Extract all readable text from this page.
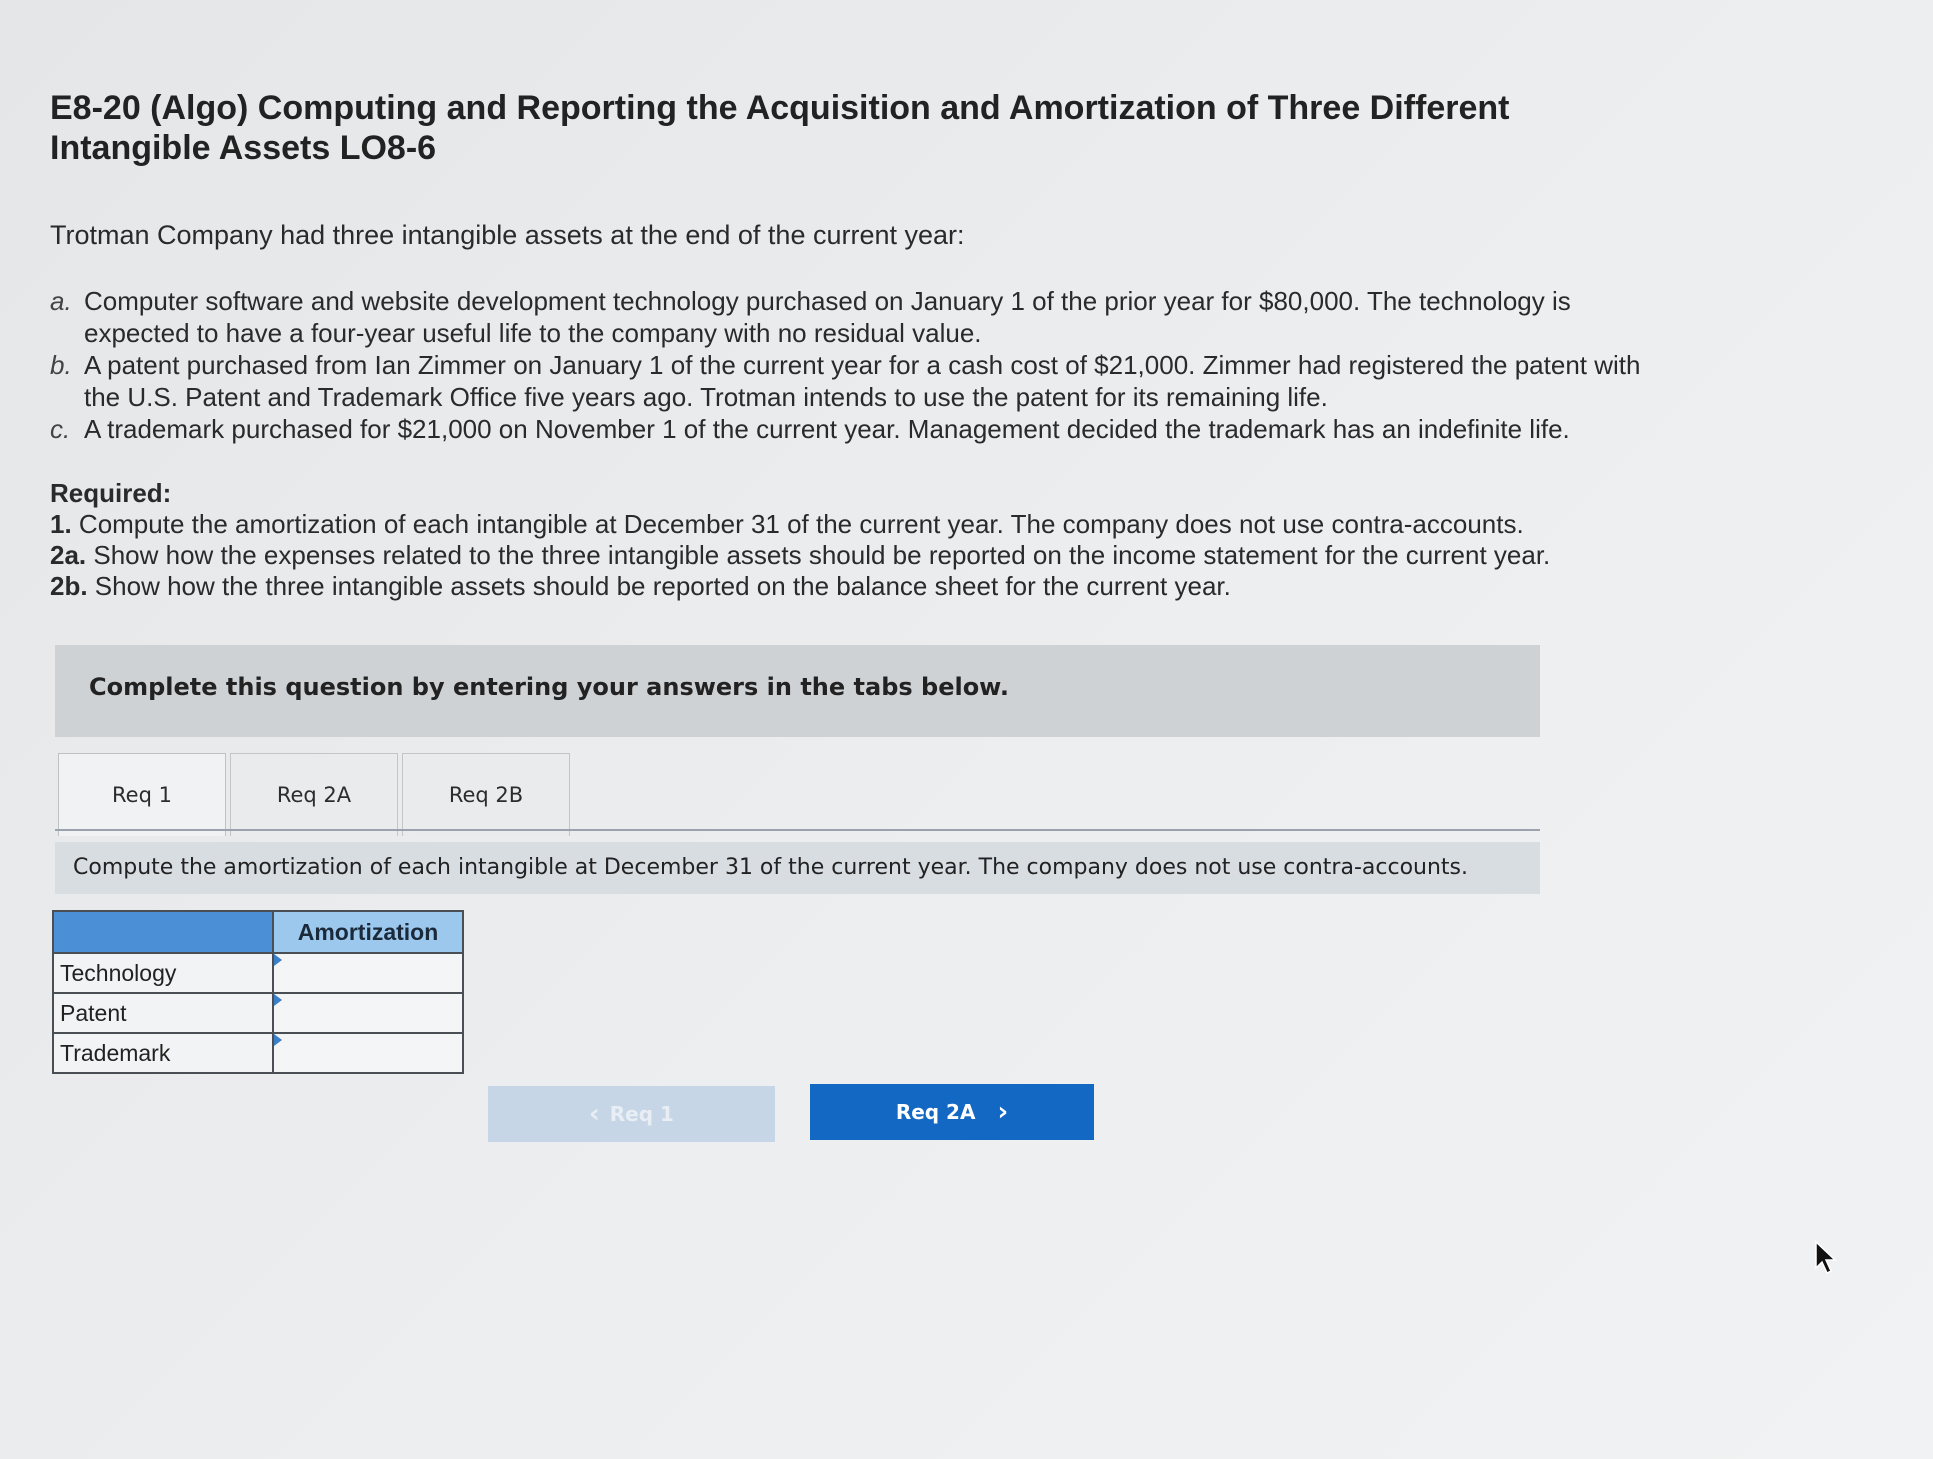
E8-20 (Algo) Computing and Reporting the Acquisition and Amortization of Three Different Intangible Assets LO8-6
Trotman Company had three intangible assets at the end of the current year:
a. Computer software and website development technology purchased on January 1 of the prior year for $80,000. The technology is expected to have a four-year useful life to the company with no residual value.
b. A patent purchased from Ian Zimmer on January 1 of the current year for a cash cost of $21,000. Zimmer had registered the patent with the U.S. Patent and Trademark Office five years ago. Trotman intends to use the patent for its remaining life.
c. A trademark purchased for $21,000 on November 1 of the current year. Management decided the trademark has an indefinite life.
Required:
1. Compute the amortization of each intangible at December 31 of the current year. The company does not use contra-accounts.
2a. Show how the expenses related to the three intangible assets should be reported on the income statement for the current year.
2b. Show how the three intangible assets should be reported on the balance sheet for the current year.
Complete this question by entering your answers in the tabs below.
Req 1	Req 2A	Req 2B
Compute the amortization of each intangible at December 31 of the current year. The company does not use contra-accounts.
	Amortization
Technology	

Patent	

Trademark	
‹ Req 1	Req 2A ›
